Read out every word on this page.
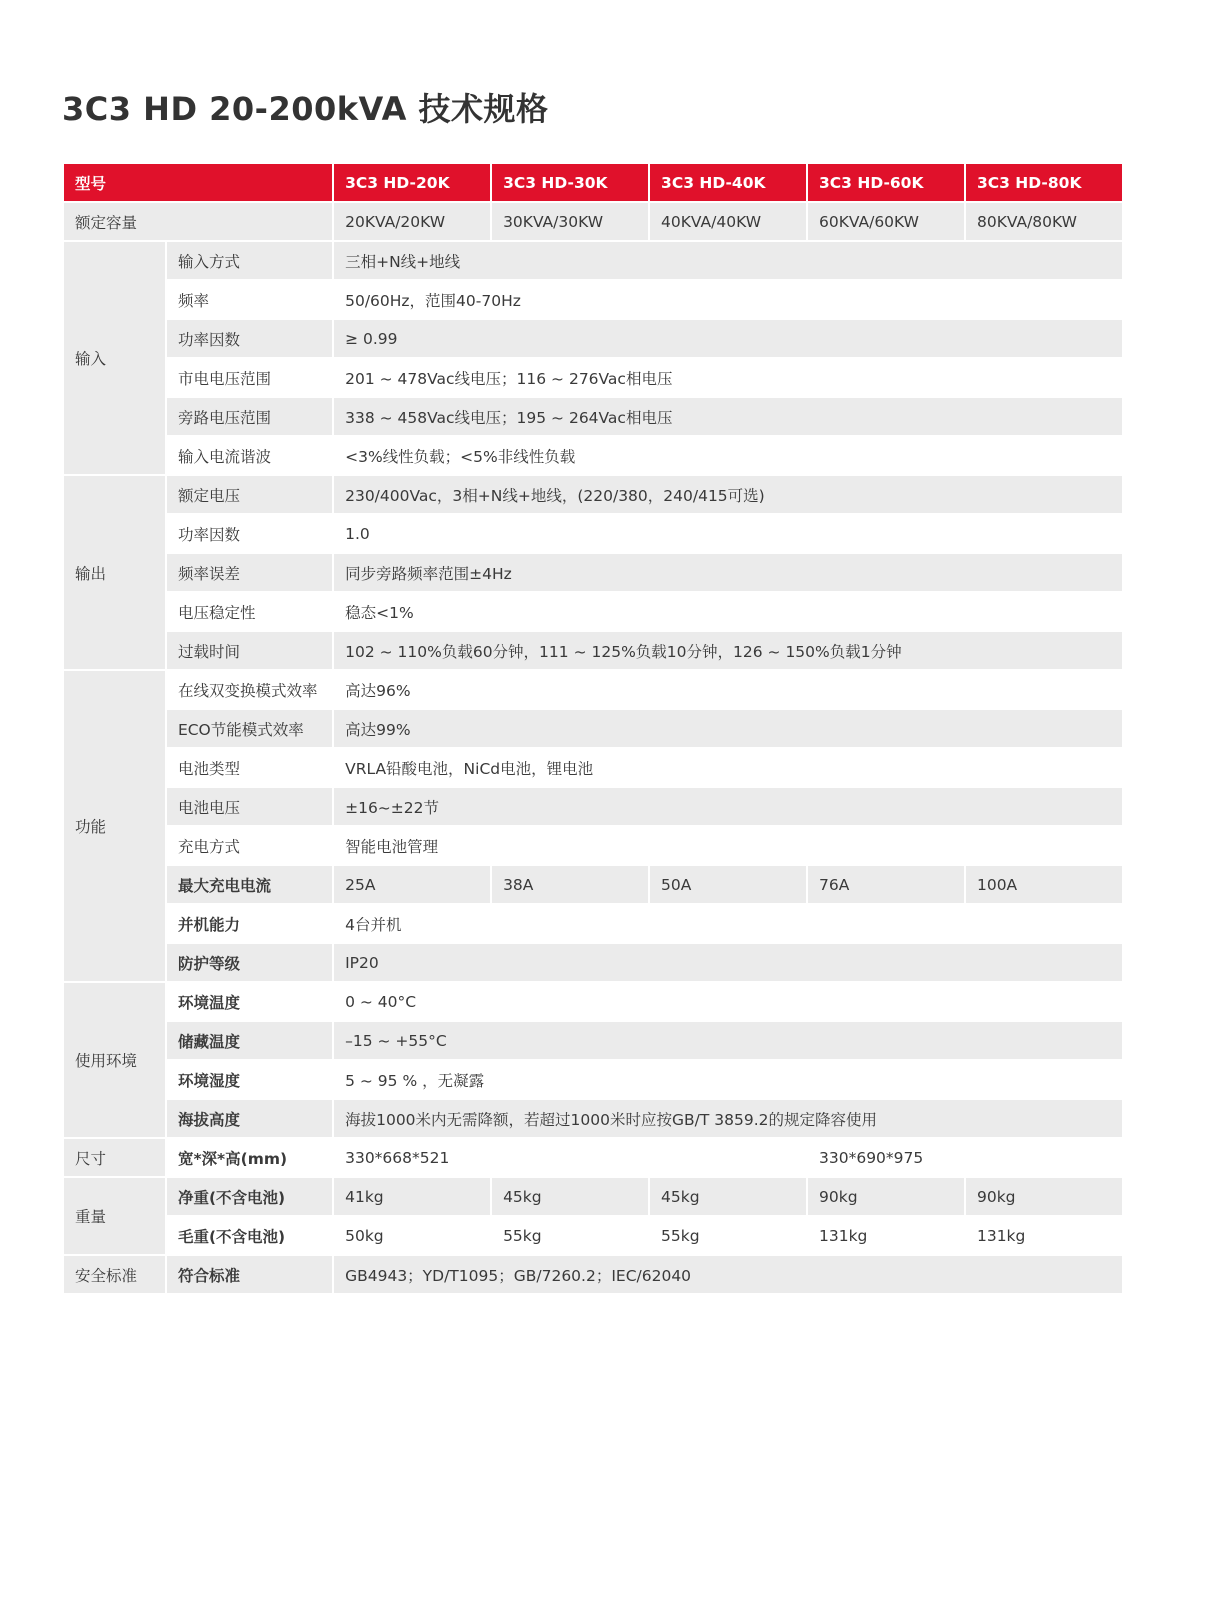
3C3 HD 20-200kVA 技术规格
型号		3C3 HD-20K	3C3 HD-30K	3C3 HD-40K	3C3 HD-60K	3C3 HD-80K
额定容量		20KVA/20KW	30KVA/30KW	40KVA/40KW	60KVA/60KW	80KVA/80KW
输入	输入方式	三相+N线+地线				
	频率	50/60Hz，范围40-70Hz				
	功率因数	≥ 0.99				
	市电电压范围	201 ~ 478Vac线电压；116 ~ 276Vac相电压				
	旁路电压范围	338 ~ 458Vac线电压；195 ~ 264Vac相电压				
	输入电流谐波	<3%线性负载；<5%非线性负载				
输出	额定电压	230/400Vac，3相+N线+地线，(220/380，240/415可选)				
	功率因数	1.0				
	频率误差	同步旁路频率范围±4Hz				
	电压稳定性	稳态<1%				
	过载时间	102 ~ 110%负载60分钟，111 ~ 125%负载10分钟，126 ~ 150%负载1分钟				
功能	在线双变换模式效率	高达96%				
	ECO节能模式效率	高达99%				
	电池类型	VRLA铅酸电池，NiCd电池，锂电池				
	电池电压	±16~±22节				
	充电方式	智能电池管理				
	最大充电电流	25A	38A	50A	76A	100A
	并机能力	4台并机				
	防护等级	IP20				
使用环境	环境温度	0 ~ 40°C				
	储藏温度	–15 ~ +55°C				
	环境湿度	5 ~ 95 % ，无凝露				
	海拔高度	海拔1000米内无需降额，若超过1000米时应按GB/T 3859.2的规定降容使用				
尺寸	宽*深*高(mm)	330*668*521			330*690*975	
重量	净重(不含电池)	41kg	45kg	45kg	90kg	90kg
	毛重(不含电池)	50kg	55kg	55kg	131kg	131kg
安全标准	符合标准	GB4943；YD/T1095；GB/7260.2；IEC/62040				
